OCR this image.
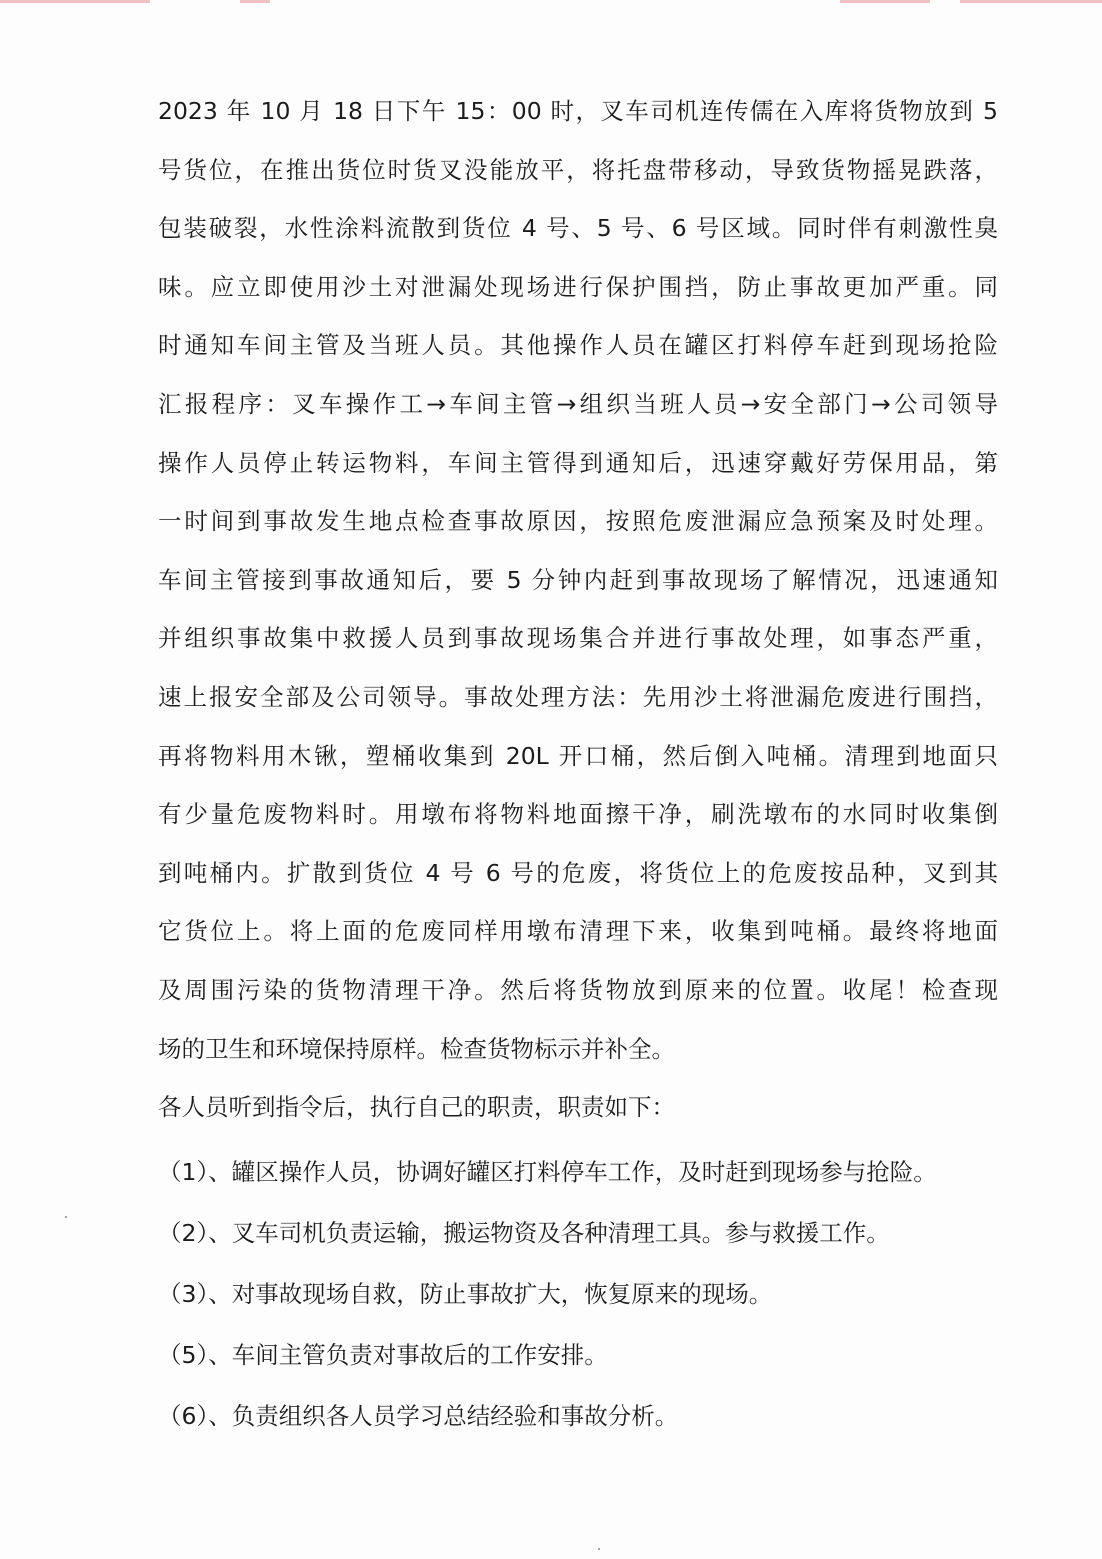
2023 年 10 月 18 日下午 15：00 时，叉车司机连传儒在入库将货物放到 5
号货位，在推出货位时货叉没能放平，将托盘带移动，导致货物摇晃跌落，
包装破裂，水性涂料流散到货位 4 号、5 号、6 号区域。同时伴有刺激性臭
味。应立即使用沙土对泄漏处现场进行保护围挡，防止事故更加严重。同
时通知车间主管及当班人员。其他操作人员在罐区打料停车赶到现场抢险
汇报程序：叉车操作工→车间主管→组织当班人员→安全部门→公司领导
操作人员停止转运物料，车间主管得到通知后，迅速穿戴好劳保用品，第
一时间到事故发生地点检查事故原因，按照危废泄漏应急预案及时处理。
车间主管接到事故通知后，要 5 分钟内赶到事故现场了解情况，迅速通知
并组织事故集中救援人员到事故现场集合并进行事故处理，如事态严重，
速上报安全部及公司领导。事故处理方法：先用沙土将泄漏危废进行围挡，
再将物料用木锹，塑桶收集到 20L 开口桶，然后倒入吨桶。清理到地面只
有少量危废物料时。用墩布将物料地面擦干净，刷洗墩布的水同时收集倒
到吨桶内。扩散到货位 4 号 6 号的危废，将货位上的危废按品种，叉到其
它货位上。将上面的危废同样用墩布清理下来，收集到吨桶。最终将地面
及周围污染的货物清理干净。然后将货物放到原来的位置。收尾！检查现
场的卫生和环境保持原样。检查货物标示并补全。
各人员听到指令后，执行自己的职责，职责如下：
（1）、罐区操作人员，协调好罐区打料停车工作，及时赶到现场参与抢险。
（2）、叉车司机负责运输，搬运物资及各种清理工具。参与救援工作。
（3）、对事故现场自救，防止事故扩大，恢复原来的现场。
（5）、车间主管负责对事故后的工作安排。
（6）、负责组织各人员学习总结经验和事故分析。
